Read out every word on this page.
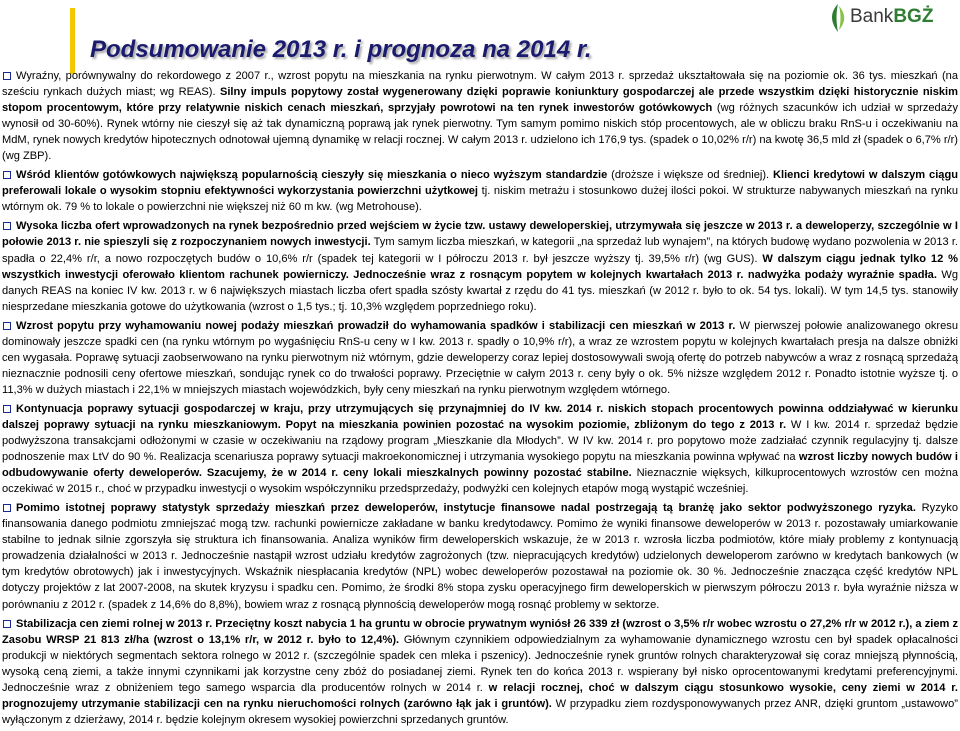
Podsumowanie 2013 r. i prognoza na 2014 r.
BankBGŻ

Wyraźny, porównywalny do rekordowego z 2007 r., wzrost popytu na mieszkania na rynku pierwotnym. W całym 2013 r. sprzedaż ukształtowała się na poziomie ok. 36 tys. mieszkań (na sześciu rynkach dużych miast; wg REAS). Silny impuls popytowy został wygenerowany dzięki poprawie koniunktury gospodarczej ale przede wszystkim dzięki historycznie niskim stopom procentowym, które przy relatywnie niskich cenach mieszkań, sprzyjały powrotowi na ten rynek inwestorów gotówkowych (wg różnych szacunków ich udział w sprzedaży wynosił od 30-60%). Rynek wtórny nie cieszył się aż tak dynamiczną poprawą jak rynek pierwotny. Tym samym pomimo niskich stóp procentowych, ale w obliczu braku RnS-u i oczekiwaniu na MdM, rynek nowych kredytów hipotecznych odnotował ujemną dynamikę w relacji rocznej. W całym 2013 r. udzielono ich 176,9 tys. (spadek o 10,02% r/r) na kwotę 36,5 mld zł (spadek o 6,7% r/r) (wg ZBP).

Wśród klientów gotówkowych największą popularnością cieszyły się mieszkania o nieco wyższym standardzie (droższe i większe od średniej). Klienci kredytowi w dalszym ciągu preferowali lokale o wysokim stopniu efektywności wykorzystania powierzchni użytkowej tj. niskim metrażu i stosunkowo dużej ilości pokoi. W strukturze nabywanych mieszkań na rynku wtórnym ok. 79 % to lokale o powierzchni nie większej niż 60 m kw. (wg Metrohouse).

Wysoka liczba ofert wprowadzonych na rynek bezpośrednio przed wejściem w życie tzw. ustawy deweloperskiej, utrzymywała się jeszcze w 2013 r. a deweloperzy, szczególnie w I połowie 2013 r. nie spieszyli się z rozpoczynaniem nowych inwestycji. Tym samym liczba mieszkań, w kategorii „na sprzedaż lub wynajem”, na których budowę wydano pozwolenia w 2013 r. spadła o 22,4% r/r, a nowo rozpoczętych budów o 10,6% r/r (spadek tej kategorii w I półroczu 2013 r. był jeszcze wyższy tj. 39,5% r/r) (wg GUS). W dalszym ciągu jednak tylko 12 % wszystkich inwestycji oferowało klientom rachunek powierniczy. Jednocześnie wraz z rosnącym popytem w kolejnych kwartałach 2013 r. nadwyżka podaży wyraźnie spadła. Wg danych REAS na koniec IV kw. 2013 r. w 6 największych miastach liczba ofert spadła szósty kwartał z rzędu do 41 tys. mieszkań (w 2012 r. było to ok. 54 tys. lokali). W tym 14,5 tys. stanowiły niesprzedane mieszkania gotowe do użytkowania (wzrost o 1,5 tys.; tj. 10,3% względem poprzedniego roku).

Wzrost popytu przy wyhamowaniu nowej podaży mieszkań prowadził do wyhamowania spadków i stabilizacji cen mieszkań w 2013 r. W pierwszej połowie analizowanego okresu dominowały jeszcze spadki cen (na rynku wtórnym po wygaśnięciu RnS-u ceny w I kw. 2013 r. spadły o 10,9% r/r), a wraz ze wzrostem popytu w kolejnych kwartałach presja na dalsze obniżki cen wygasała. Poprawę sytuacji zaobserwowano na rynku pierwotnym niż wtórnym, gdzie deweloperzy coraz lepiej dostosowywali swoją ofertę do potrzeb nabywców a wraz z rosnącą sprzedażą nieznacznie podnosili ceny ofertowe mieszkań, sondując rynek co do trwałości poprawy. Przeciętnie w całym 2013 r. ceny były o ok. 5% niższe względem 2012 r. Ponadto istotnie wyższe tj. o 11,3% w dużych miastach i 22,1% w mniejszych miastach wojewódzkich, były ceny mieszkań na rynku pierwotnym względem wtórnego.

Kontynuacja poprawy sytuacji gospodarczej w kraju, przy utrzymujących się przynajmniej do IV kw. 2014 r. niskich stopach procentowych powinna oddziaływać w kierunku dalszej poprawy sytuacji na rynku mieszkaniowym. Popyt na mieszkania powinien pozostać na wysokim poziomie, zbliżonym do tego z 2013 r. W I kw. 2014 r. sprzedaż będzie podwyższona transakcjami odłożonymi w czasie w oczekiwaniu na rządowy program „Mieszkanie dla Młodych”. W IV kw. 2014 r. pro popytowo może zadziałać czynnik regulacyjny tj. dalsze podnoszenie max LtV do 90 %. Realizacja scenariusza poprawy sytuacji makroekonomicznej i utrzymania wysokiego popytu na mieszkania powinna wpływać na wzrost liczby nowych budów i odbudowywanie oferty deweloperów. Szacujemy, że w 2014 r. ceny lokali mieszkalnych powinny pozostać stabilne. Nieznacznie więksych, kilkuprocentowych wzrostów cen można oczekiwać w 2015 r., choć w przypadku inwestycji o wysokim współczynniku przedsprzedaży, podwyżki cen kolejnych etapów mogą wystąpić wcześniej.

Pomimo istotnej poprawy statystyk sprzedaży mieszkań przez deweloperów, instytucje finansowe nadal postrzegają tą branżę jako sektor podwyższonego ryzyka. Ryzyko finansowania danego podmiotu zmniejszać mogą tzw. rachunki powiernicze zakładane w banku kredytodawcy. Pomimo że wyniki finansowe deweloperów w 2013 r. pozostawały umiarkowanie stabilne to jednak silnie zgorszyła się struktura ich finansowania. Analiza wyników firm deweloperskich wskazuje, że w 2013 r. wzrosła liczba podmiotów, które miały problemy z kontynuacją prowadzenia działalności w 2013 r. Jednocześnie nastąpił wzrost udziału kredytów zagrożonych (tzw. niepracujących kredytów) udzielonych deweloperom zarówno w kredytach bankowych (w tym kredytów obrotowych) jak i inwestycyjnych. Wskaźnik niespłacania kredytów (NPL) wobec deweloperów pozostawał na poziomie ok. 30 %. Jednocześnie znacząca część kredytów NPL dotyczy projektów z lat 2007-2008, na skutek kryzysu i spadku cen. Pomimo, że środki 8% stopa zysku operacyjnego firm deweloperskich w pierwszym półroczu 2013 r. była wyraźnie niższa w porównaniu z 2012 r. (spadek z 14,6% do 8,8%), bowiem wraz z rosnącą płynnością deweloperów mogą rosnąć problemy w sektorze.

Stabilizacja cen ziemi rolnej w 2013 r. Przeciętny koszt nabycia 1 ha gruntu w obrocie prywatnym wyniósł 26 339 zł (wzrost o 3,5% r/r wobec wzrostu o 27,2% r/r w 2012 r.), a ziem z Zasobu WRSP 21 813 zł/ha (wzrost o 13,1% r/r, w 2012 r. było to 12,4%). Głównym czynnikiem odpowiedzialnym za wyhamowanie dynamicznego wzrostu cen był spadek opłacalności produkcji w niektórych segmentach sektora rolnego w 2012 r. (szczególnie spadek cen mleka i pszenicy). Jednocześnie rynek gruntów rolnych charakteryzował się coraz mniejszą płynnością, wysoką ceną ziemi, a także innymi czynnikami jak korzystne ceny zbóż do posiadanej ziemi. Rynek ten do końca 2013 r. wspierany był nisko oprocentowanymi kredytami preferencyjnymi. Jednocześnie wraz z obniżeniem tego samego wsparcia dla producentów rolnych w 2014 r. w relacji rocznej, choć w dalszym ciągu stosunkowo wysokie, ceny ziemi w 2014 r. prognozujemy utrzymanie stabilizacji cen na rynku nieruchomości rolnych (zarówno łąk jak i gruntów). W przypadku ziem rozdysponowywanych przez ANR, dzięki gruntom „ustawowo” wyłączonym z dzierżawy, 2014 r. będzie kolejnym okresem wysokiej powierzchni sprzedanych gruntów.
